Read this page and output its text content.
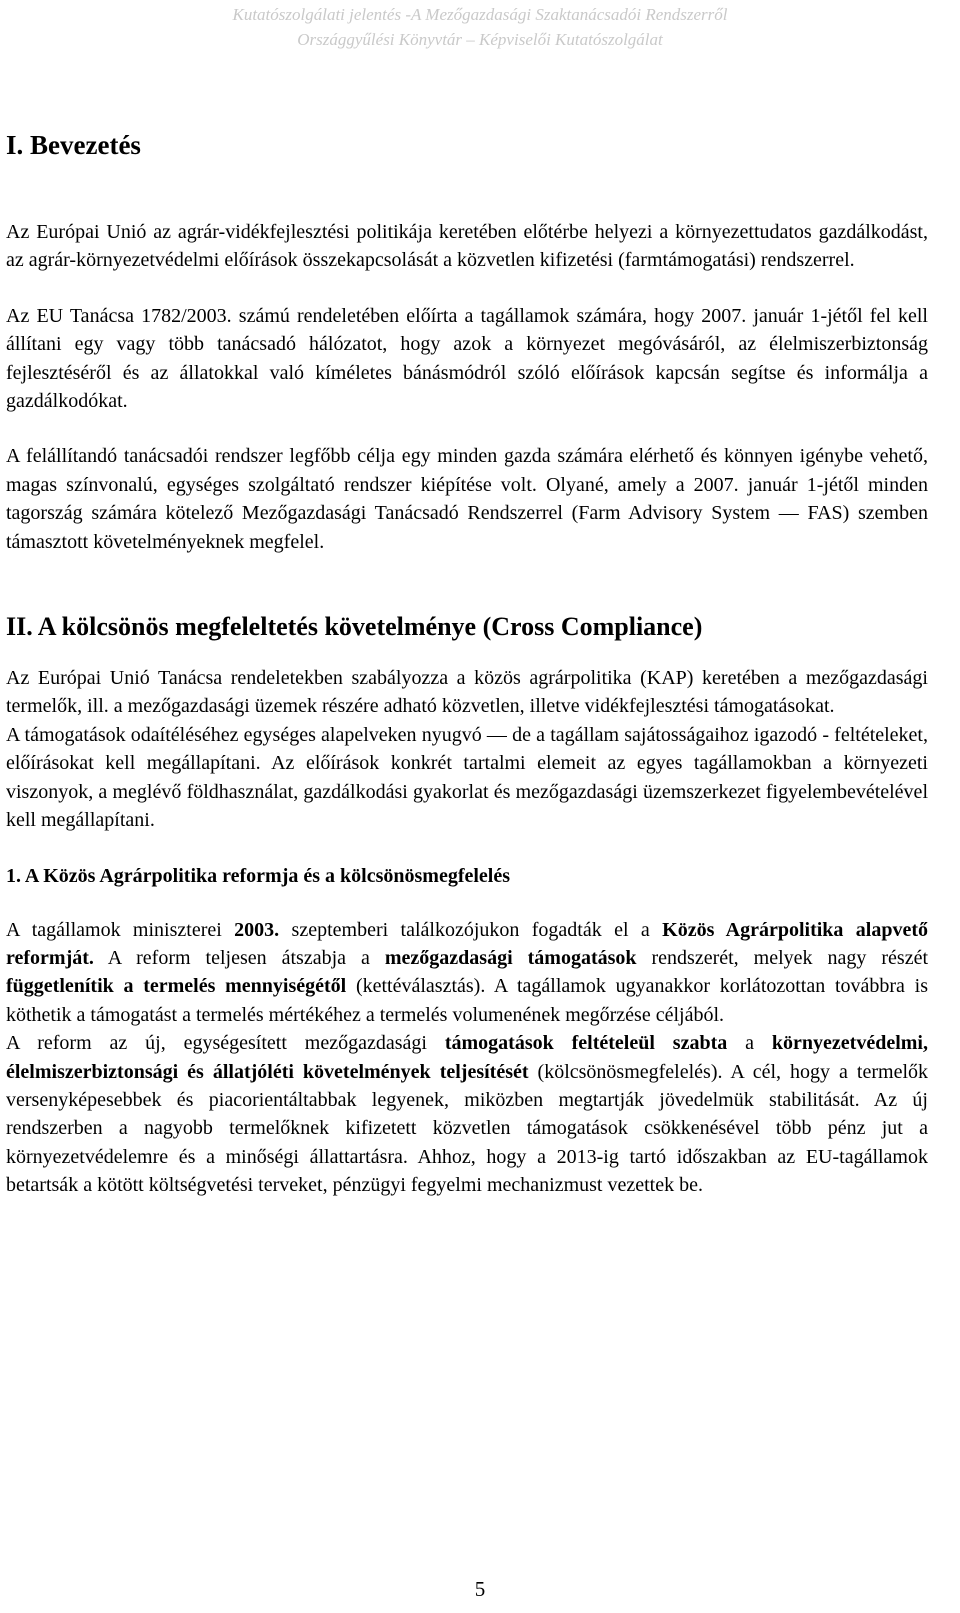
Kutatószolgálati jelentés -A Mezőgazdasági Szaktanácsadói Rendszerről
Országgyűlési Könyvtár – Képviselői Kutatószolgálat
I. Bevezetés

Az Európai Unió az agrár-vidékfejlesztési politikája keretében előtérbe helyezi a környezettudatos gazdálkodást, az agrár-környezetvédelmi előírások összekapcsolását a közvetlen kifizetési (farmtámogatási) rendszerrel.

Az EU Tanácsa 1782/2003. számú rendeletében előírta a tagállamok számára, hogy 2007. január 1-jétől fel kell állítani egy vagy több tanácsadó hálózatot, hogy azok a környezet megóvásáról, az élelmiszerbiztonság fejlesztéséről és az állatokkal való kíméletes bánásmódról szóló előírások kapcsán segítse és informálja a gazdálkodókat.

A felállítandó tanácsadói rendszer legfőbb célja egy minden gazda számára elérhető és könnyen igénybe vehető, magas színvonalú, egységes szolgáltató rendszer kiépítése volt. Olyané, amely a 2007. január 1-jétől minden tagország számára kötelező Mezőgazdasági Tanácsadó Rendszerrel (Farm Advisory System ― FAS) szemben támasztott követelményeknek megfelel.

II. A kölcsönös megfeleltetés követelménye (Cross Compliance)

Az Európai Unió Tanácsa rendeletekben szabályozza a közös agrárpolitika (KAP) keretében a mezőgazdasági termelők, ill. a mezőgazdasági üzemek részére adható közvetlen, illetve vidékfejlesztési támogatásokat.

A támogatások odaítéléséhez egységes alapelveken nyugvó ― de a tagállam sajátosságaihoz igazodó - feltételeket, előírásokat kell megállapítani. Az előírások konkrét tartalmi elemeit az egyes tagállamokban a környezeti viszonyok, a meglévő földhasználat, gazdálkodási gyakorlat és mezőgazdasági üzemszerkezet figyelembevételével kell megállapítani.

1. A Közös Agrárpolitika reformja és a kölcsönösmegfelelés

A tagállamok miniszterei 2003. szeptemberi találkozójukon fogadták el a Közös Agrárpolitika alapvető reformját. A reform teljesen átszabja a mezőgazdasági támogatások rendszerét, melyek nagy részét függetlenítik a termelés mennyiségétől (kettéválasztás). A tagállamok ugyanakkor korlátozottan továbbra is köthetik a támogatást a termelés mértékéhez a termelés volumenének megőrzése céljából.

A reform az új, egységesített mezőgazdasági támogatások feltételeül szabta a környezetvédelmi, élelmiszerbiztonsági és állatjóléti követelmények teljesítését (kölcsönösmegfelelés). A cél, hogy a termelők versenyképesebbek és piacorientáltabbak legyenek, miközben megtartják jövedelmük stabilitását. Az új rendszerben a nagyobb termelőknek kifizetett közvetlen támogatások csökkenésével több pénz jut a környezetvédelemre és a minőségi állattartásra. Ahhoz, hogy a 2013-ig tartó időszakban az EU-tagállamok betartsák a kötött költségvetési terveket, pénzügyi fegyelmi mechanizmust vezettek be.

5
